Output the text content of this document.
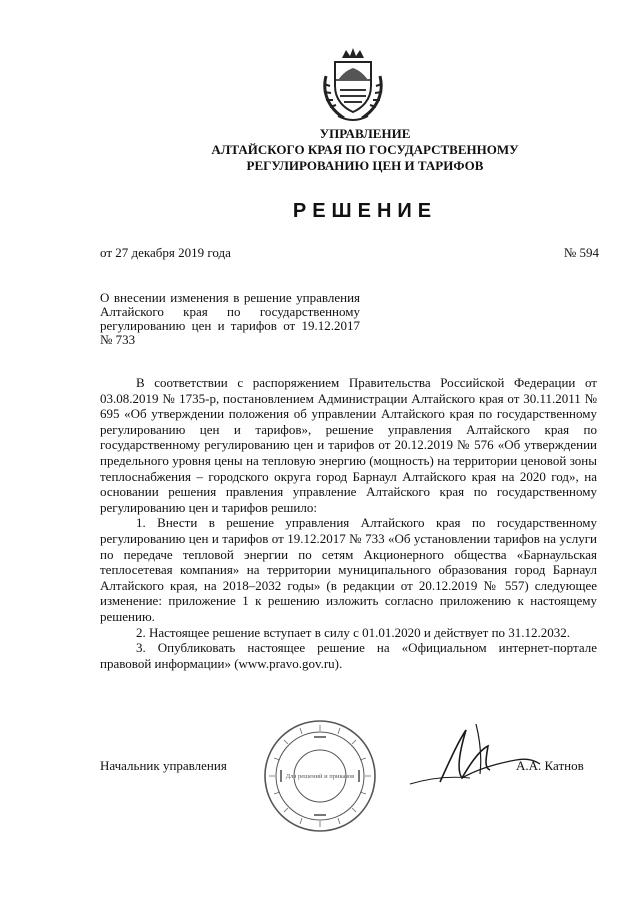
УПРАВЛЕНИЕ
АЛТАЙСКОГО КРАЯ ПО ГОСУДАРСТВЕННОМУ
РЕГУЛИРОВАНИЮ ЦЕН И ТАРИФОВ
РЕШЕНИЕ
от 27 декабря 2019 года	№ 594
О внесении изменения в решение управления Алтайского края по государственному регулированию цен и тарифов от 19.12.2017 № 733

В соответствии с распоряжением Правительства Российской Федерации от 03.08.2019 № 1735-р, постановлением Администрации Алтайского края от 30.11.2011 № 695 «Об утверждении положения об управлении Алтайского края по государственному регулированию цен и тарифов», решение управления Алтайского края по государственному регулированию цен и тарифов от 20.12.2019 № 576 «Об утверждении предельного уровня цены на тепловую энергию (мощность) на территории ценовой зоны теплоснабжения – городского округа город Барнаул Алтайского края на 2020 год», на основании решения правления управление Алтайского края по государственному регулированию цен и тарифов решило:

1. Внести в решение управления Алтайского края по государственному регулированию цен и тарифов от 19.12.2017 № 733 «Об установлении тарифов на услуги по передаче тепловой энергии по сетям Акционерного общества «Барнаульская теплосетевая компания» на территории муниципального образования город Барнаул Алтайского края, на 2018–2032 годы» (в редакции от 20.12.2019 № 557) следующее изменение: приложение 1 к решению изложить согласно приложению к настоящему решению.

2. Настоящее решение вступает в силу с 01.01.2020 и действует по 31.12.2032.

3. Опубликовать настоящее решение на «Официальном интернет-портале правовой информации» (www.pravo.gov.ru).

Начальник управления	А.А. Катнов
Для решений и приказов
